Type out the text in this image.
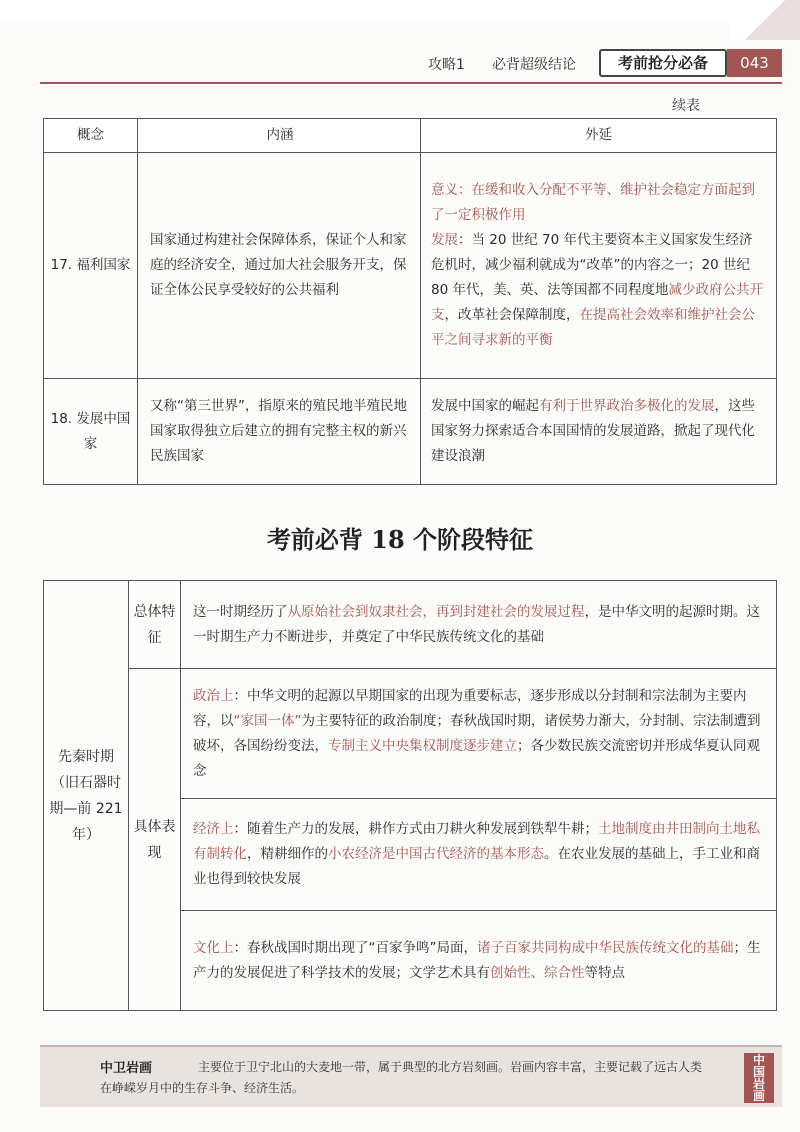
攻略1 必背超级结论	考前抢分必备	043
续表
概念	内涵	外延
17. 福利国家	国家通过构建社会保障体系，保证个人和家庭的经济安全，通过加大社会服务开支，保证全体公民享受较好的公共福利	意义：在缓和收入分配不平等、维护社会稳定方面起到了一定积极作用
发展：当 20 世纪 70 年代主要资本主义国家发生经济危机时，减少福利就成为“改革”的内容之一；20 世纪 80 年代，美、英、法等国都不同程度地减少政府公共开支，改革社会保障制度，在提高社会效率和维护社会公平之间寻求新的平衡
18. 发展中国家	又称“第三世界”，指原来的殖民地半殖民地国家取得独立后建立的拥有完整主权的新兴民族国家	发展中国家的崛起有利于世界政治多极化的发展，这些国家努力探索适合本国国情的发展道路，掀起了现代化建设浪潮
考前必背 18 个阶段特征
先秦时期（旧石器时期—前 221 年）	总体特征	这一时期经历了从原始社会到奴隶社会，再到封建社会的发展过程，是中华文明的起源时期。这一时期生产力不断进步，并奠定了中华民族传统文化的基础
	具体表现	政治上：中华文明的起源以早期国家的出现为重要标志，逐步形成以分封制和宗法制为主要内容，以“家国一体”为主要特征的政治制度；春秋战国时期，诸侯势力渐大，分封制、宗法制遭到破坏，各国纷纷变法，专制主义中央集权制度逐步建立；各少数民族交流密切并形成华夏认同观念
		经济上：随着生产力的发展，耕作方式由刀耕火种发展到铁犁牛耕；土地制度由井田制向土地私有制转化，精耕细作的小农经济是中国古代经济的基本形态。在农业发展的基础上，手工业和商业也得到较快发展
		文化上：春秋战国时期出现了“百家争鸣”局面，诸子百家共同构成中华民族传统文化的基础；生产力的发展促进了科学技术的发展；文学艺术具有创始性、综合性等特点
主要位于卫宁北山的大麦地一带，属于典型的北方岩刻画。岩画内容丰富，主要记载了远古人类在峥嵘岁月中的生存斗争、经济生活。
中卫岩画
中
国
岩
画
